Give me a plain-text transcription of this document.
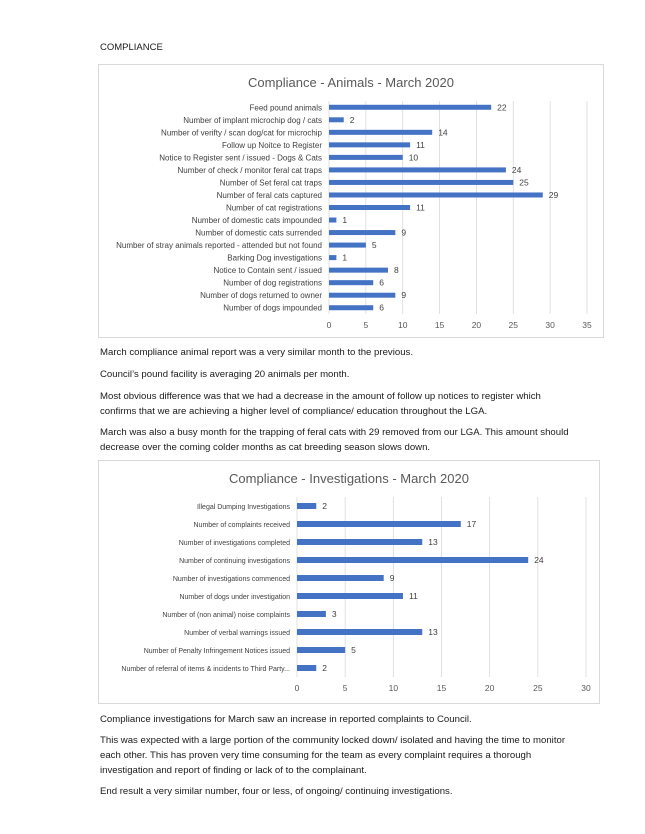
COMPLIANCE
Compliance - Animals - March 2020
0	5	10	15	20	25	30	35
Feed pound animals	22
Number of implant microchip dog / cats	2
Number of verifty / scan dog/cat for microchip	14
Follow up Noitce to Register	11
Notice to Register sent / issued - Dogs & Cats	10
Number of check / monitor feral cat traps	24
Number of Set feral cat traps	25
Number of feral cats captured	29
Number of cat registrations	11
Number of domestic cats impounded 1
Number of domestic cats surrended	9
Number of stray animals reported - attended but not found	5
Barking Dog investigations 1
Notice to Contain sent / issued	8
Number of dog registrations	6
Number of dogs returned to owner	9
Number of dogs impounded	6

March compliance animal report was a very similar month to the previous.

Council’s pound facility is averaging 20 animals per month.

Most obvious difference was that we had a decrease in the amount of follow up notices to register which confirms that we are achieving a higher level of compliance/ education throughout the LGA.

March was also a busy month for the trapping of feral cats with 29 removed from our LGA. This amount should decrease over the coming colder months as cat breeding season slows down.

Compliance - Investigations - March 2020
0	5	10	15	20	25	30
Illegal Dumping Investigations	2
Number of complaints received	17
Number of investigations completed	13
Number of continuing investigations	24
Number of investigations commenced	9
Number of dogs under investigation	11
Number of (non animal) noise complaints	3
Number of verbal warnings issued	13
Number of Penalty Infringement Notices issued	5
Number of referral of items & incidents to Third Party...	2

Compliance investigations for March saw an increase in reported complaints to Council.

This was expected with a large portion of the community locked down/ isolated and having the time to monitor each other. This has proven very time consuming for the team as every complaint requires a thorough investigation and report of finding or lack of to the complainant.

End result a very similar number, four or less, of ongoing/ continuing investigations.
